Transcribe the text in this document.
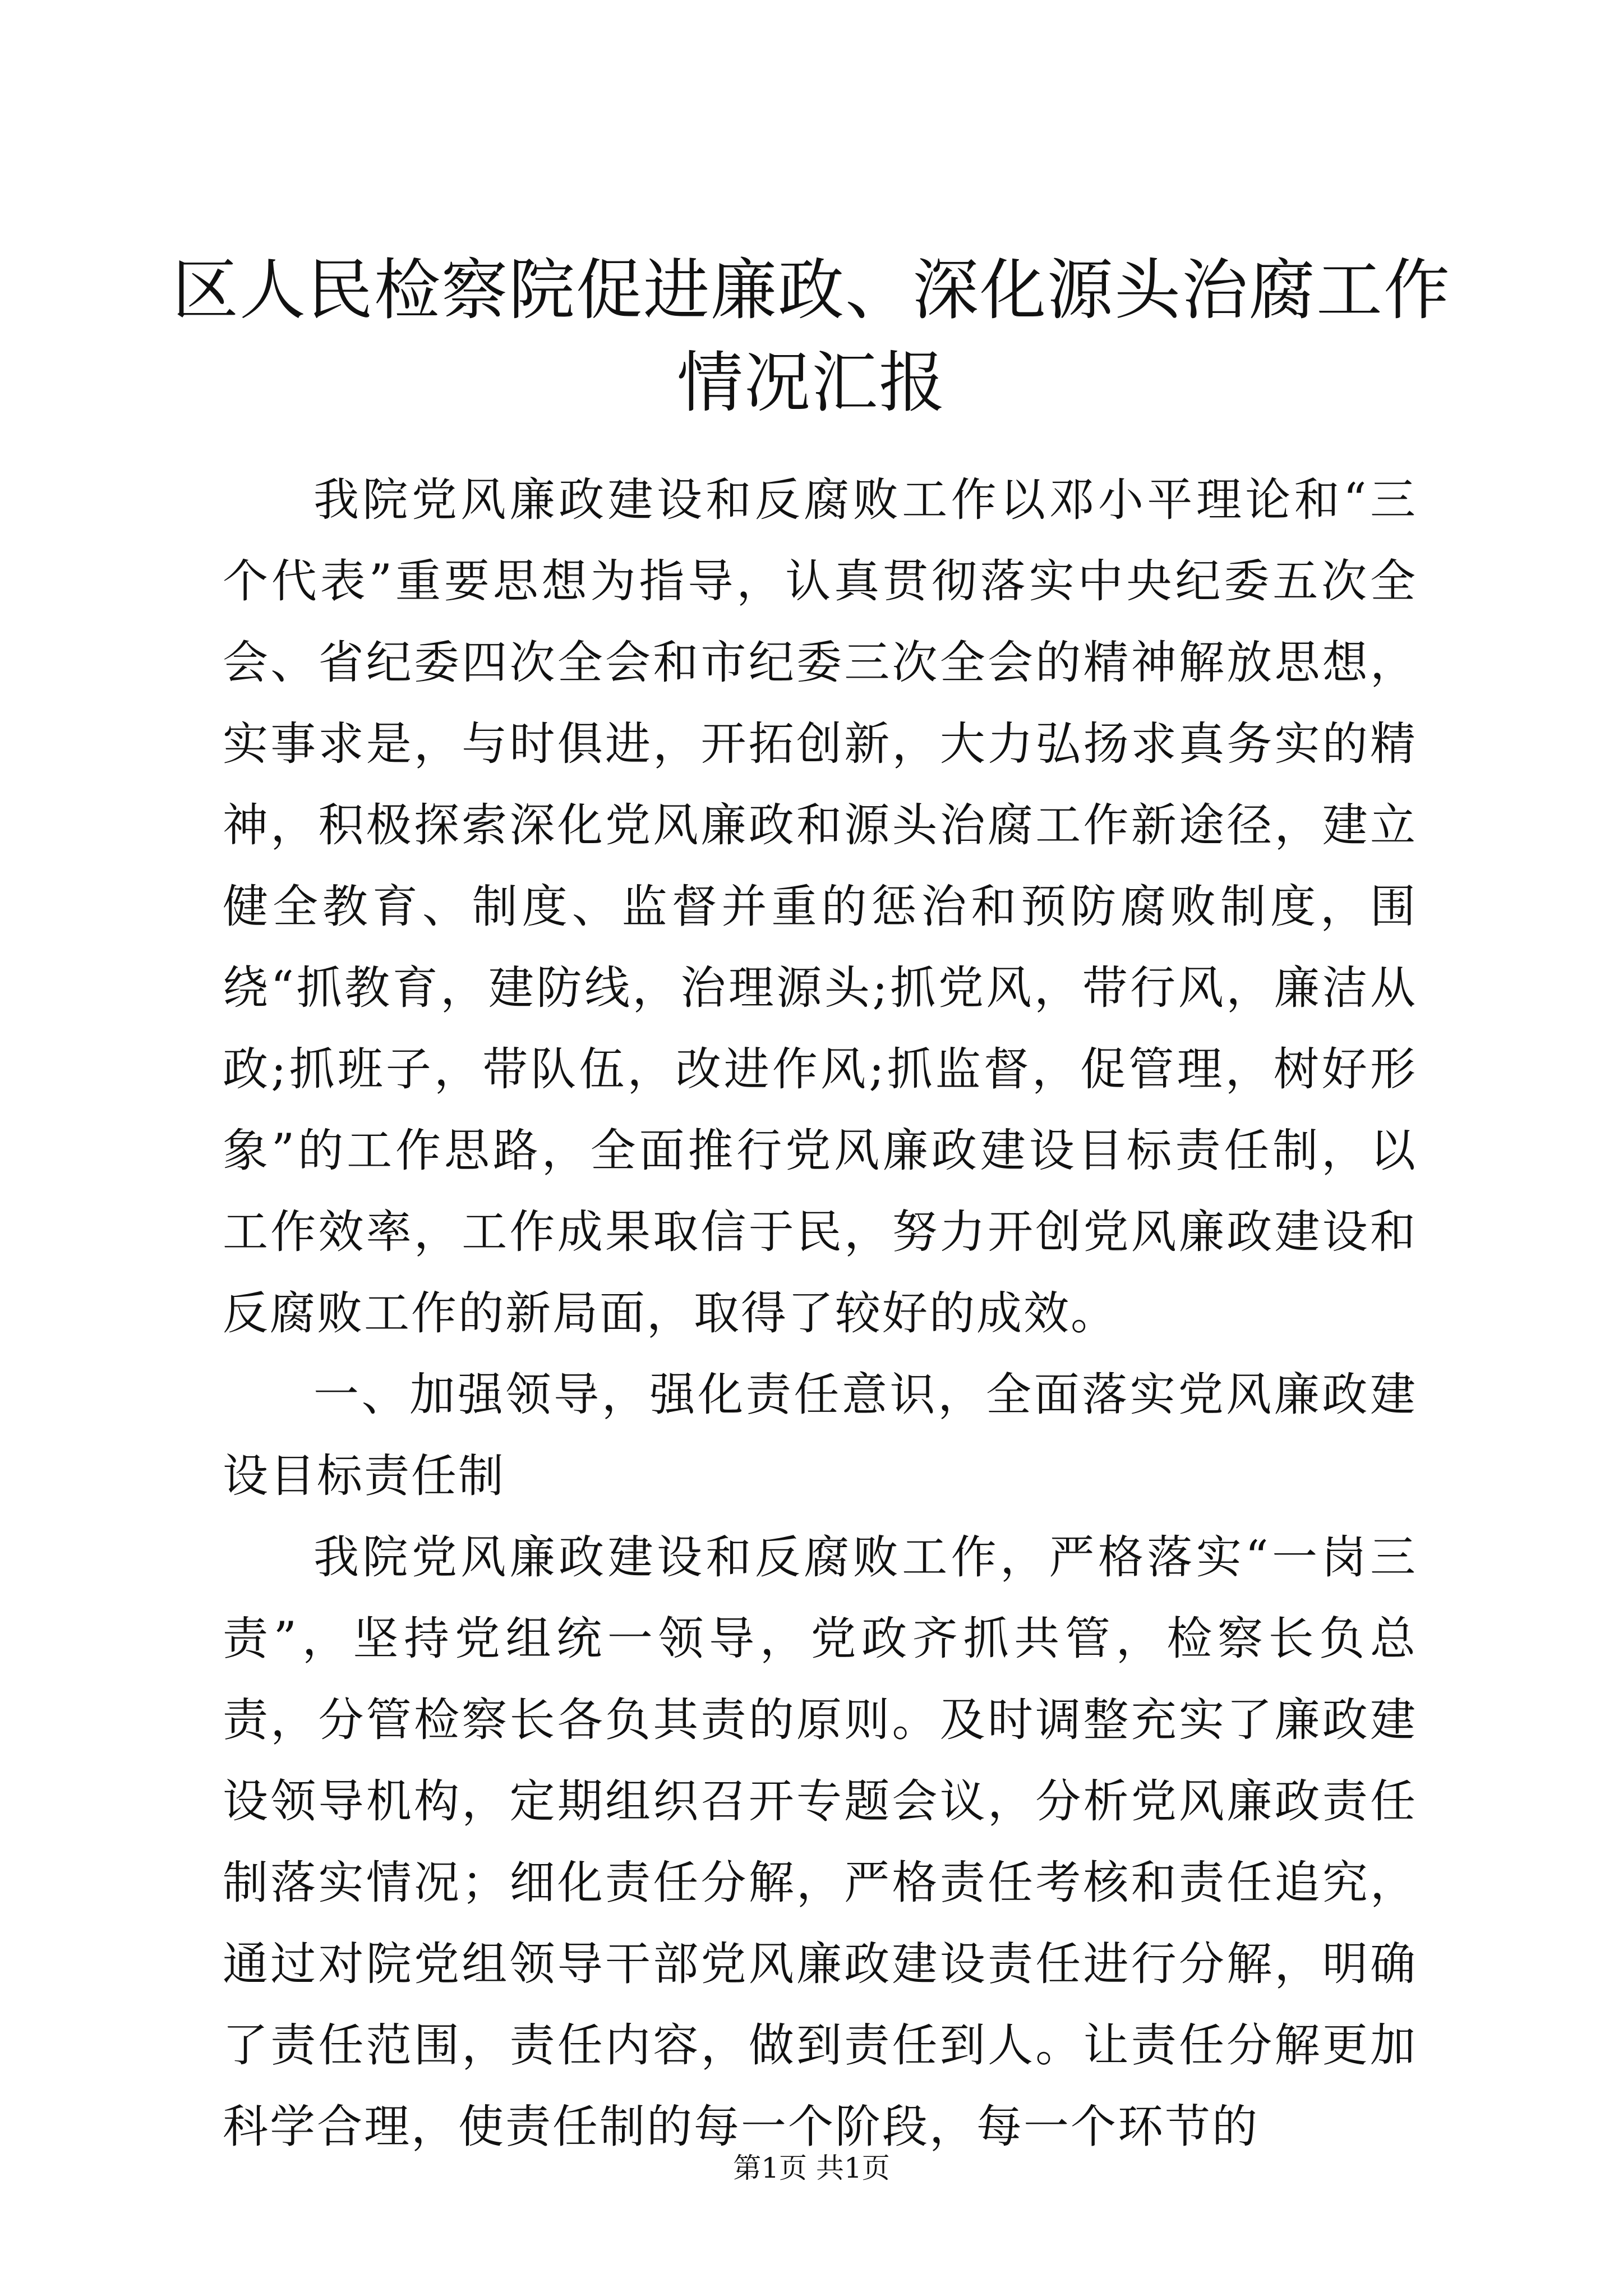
区人民检察院促进廉政、深化源头治腐工作情况汇报

我院党风廉政建设和反腐败工作以邓小平理论和“三个代表”重要思想为指导，认真贯彻落实中央纪委五次全会、省纪委四次全会和市纪委三次全会的精神解放思想，实事求是，与时俱进，开拓创新，大力弘扬求真务实的精神，积极探索深化党风廉政和源头治腐工作新途径，建立健全教育、制度、监督并重的惩治和预防腐败制度，围绕“抓教育，建防线，治理源头;抓党风，带行风，廉洁从政;抓班子，带队伍，改进作风;抓监督，促管理，树好形象”的工作思路，全面推行党风廉政建设目标责任制，以工作效率，工作成果取信于民，努力开创党风廉政建设和反腐败工作的新局面，取得了较好的成效。

一、加强领导，强化责任意识，全面落实党风廉政建设目标责任制

我院党风廉政建设和反腐败工作，严格落实“一岗三责”，坚持党组统一领导，党政齐抓共管，检察长负总责，分管检察长各负其责的原则。及时调整充实了廉政建设领导机构，定期组织召开专题会议，分析党风廉政责任制落实情况；细化责任分解，严格责任考核和责任追究，通过对院党组领导干部党风廉政建设责任进行分解，明确了责任范围，责任内容，做到责任到人。让责任分解更加科学合理，使责任制的每一个阶段，每一个环节的

第1页 共1页
